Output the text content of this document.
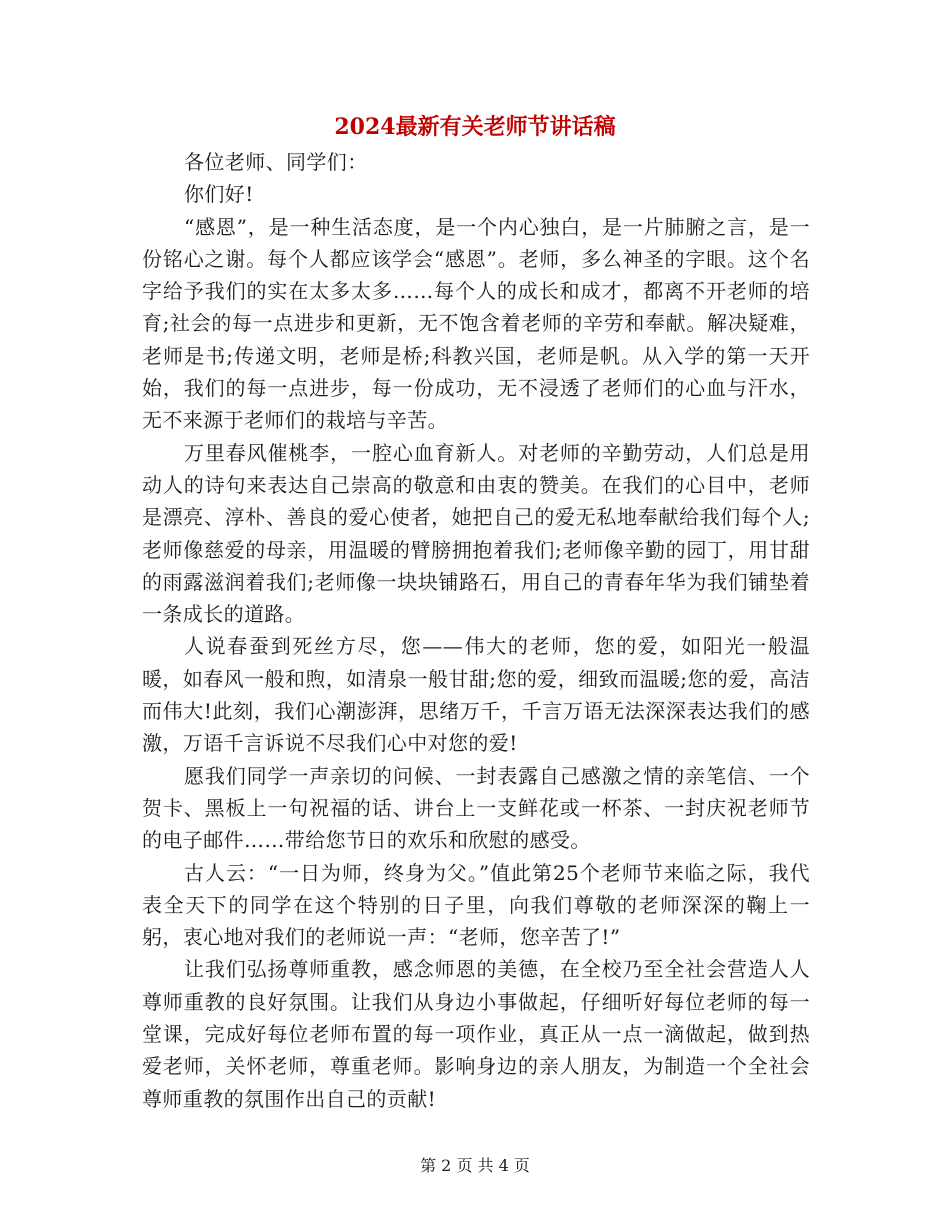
2024最新有关老师节讲话稿

各位老师、同学们：

你们好!

“感恩”，是一种生活态度，是一个内心独白，是一片肺腑之言，是一份铭心之谢。每个人都应该学会“感恩”。老师，多么神圣的字眼。这个名字给予我们的实在太多太多……每个人的成长和成才，都离不开老师的培育;社会的每一点进步和更新，无不饱含着老师的辛劳和奉献。解决疑难，老师是书;传递文明，老师是桥;科教兴国，老师是帆。从入学的第一天开始，我们的每一点进步，每一份成功，无不浸透了老师们的心血与汗水，无不来源于老师们的栽培与辛苦。

万里春风催桃李，一腔心血育新人。对老师的辛勤劳动，人们总是用动人的诗句来表达自己崇高的敬意和由衷的赞美。在我们的心目中，老师是漂亮、淳朴、善良的爱心使者，她把自己的爱无私地奉献给我们每个人;老师像慈爱的母亲，用温暖的臂膀拥抱着我们;老师像辛勤的园丁，用甘甜的雨露滋润着我们;老师像一块块铺路石，用自己的青春年华为我们铺垫着一条成长的道路。

人说春蚕到死丝方尽，您——伟大的老师，您的爱，如阳光一般温暖，如春风一般和煦，如清泉一般甘甜;您的爱，细致而温暖;您的爱，高洁而伟大!此刻，我们心潮澎湃，思绪万千，千言万语无法深深表达我们的感激，万语千言诉说不尽我们心中对您的爱!

愿我们同学一声亲切的问候、一封表露自己感激之情的亲笔信、一个贺卡、黑板上一句祝福的话、讲台上一支鲜花或一杯茶、一封庆祝老师节的电子邮件……带给您节日的欢乐和欣慰的感受。

古人云：“一日为师，终身为父。”值此第25个老师节来临之际，我代表全天下的同学在这个特别的日子里，向我们尊敬的老师深深的鞠上一躬，衷心地对我们的老师说一声：“老师，您辛苦了!”

让我们弘扬尊师重教，感念师恩的美德，在全校乃至全社会营造人人尊师重教的良好氛围。让我们从身边小事做起，仔细听好每位老师的每一堂课，完成好每位老师布置的每一项作业，真正从一点一滴做起，做到热爱老师，关怀老师，尊重老师。影响身边的亲人朋友，为制造一个全社会尊师重教的氛围作出自己的贡献!

第 2 页 共 4 页
